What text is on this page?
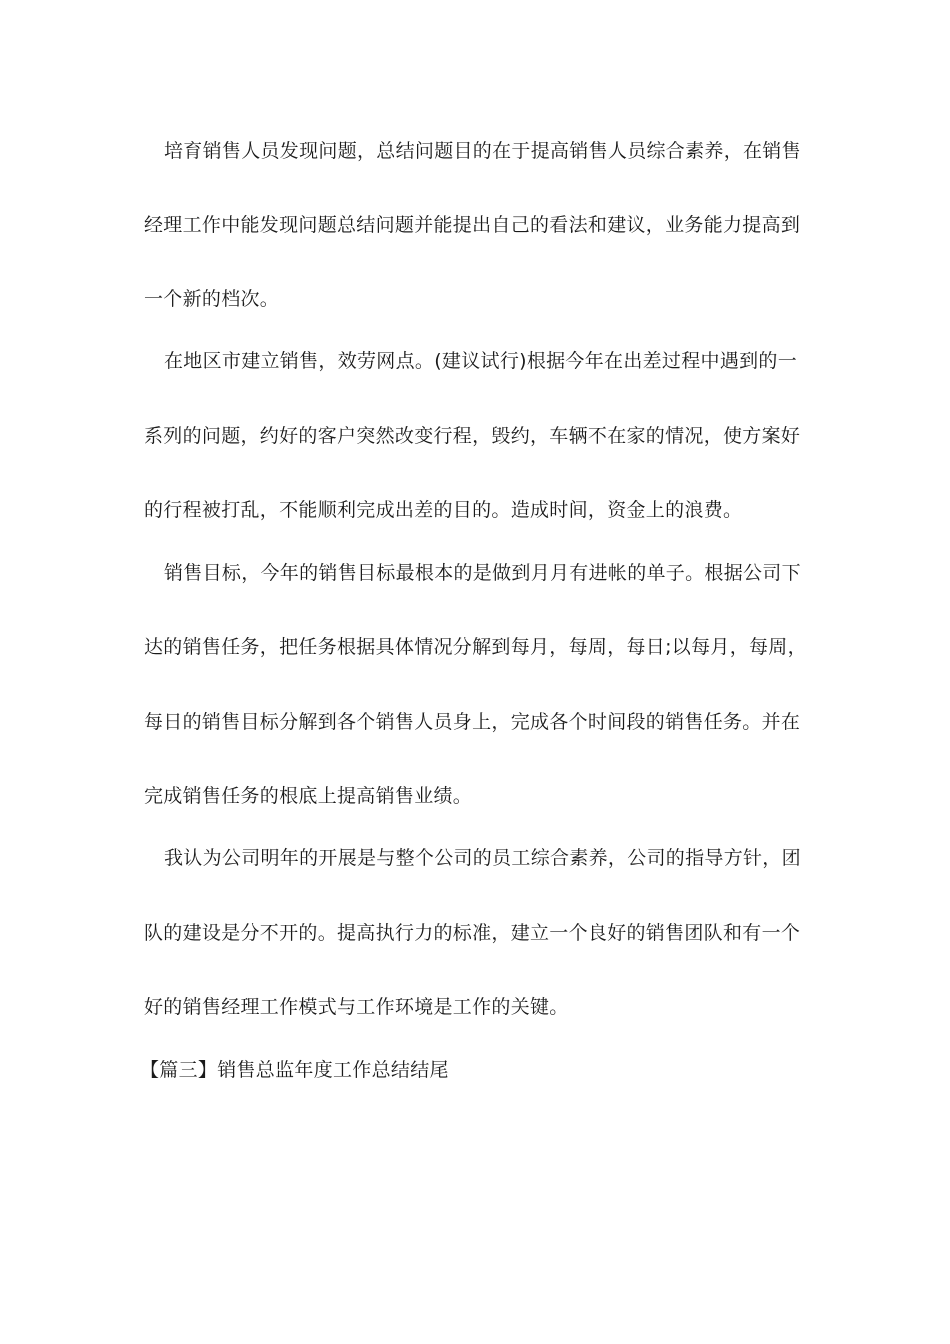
培育销售人员发现问题，总结问题目的在于提高销售人员综合素养，在销售
经理工作中能发现问题总结问题并能提出自己的看法和建议，业务能力提高到
一个新的档次。
在地区市建立销售，效劳网点。(建议试行)根据今年在出差过程中遇到的一
系列的问题，约好的客户突然改变行程，毁约，车辆不在家的情况，使方案好
的行程被打乱，不能顺利完成出差的目的。造成时间，资金上的浪费。
销售目标，今年的销售目标最根本的是做到月月有进帐的单子。根据公司下
达的销售任务，把任务根据具体情况分解到每月，每周，每日;以每月，每周，
每日的销售目标分解到各个销售人员身上，完成各个时间段的销售任务。并在
完成销售任务的根底上提高销售业绩。
我认为公司明年的开展是与整个公司的员工综合素养，公司的指导方针，团
队的建设是分不开的。提高执行力的标准，建立一个良好的销售团队和有一个
好的销售经理工作模式与工作环境是工作的关键。
【篇三】销售总监年度工作总结结尾
